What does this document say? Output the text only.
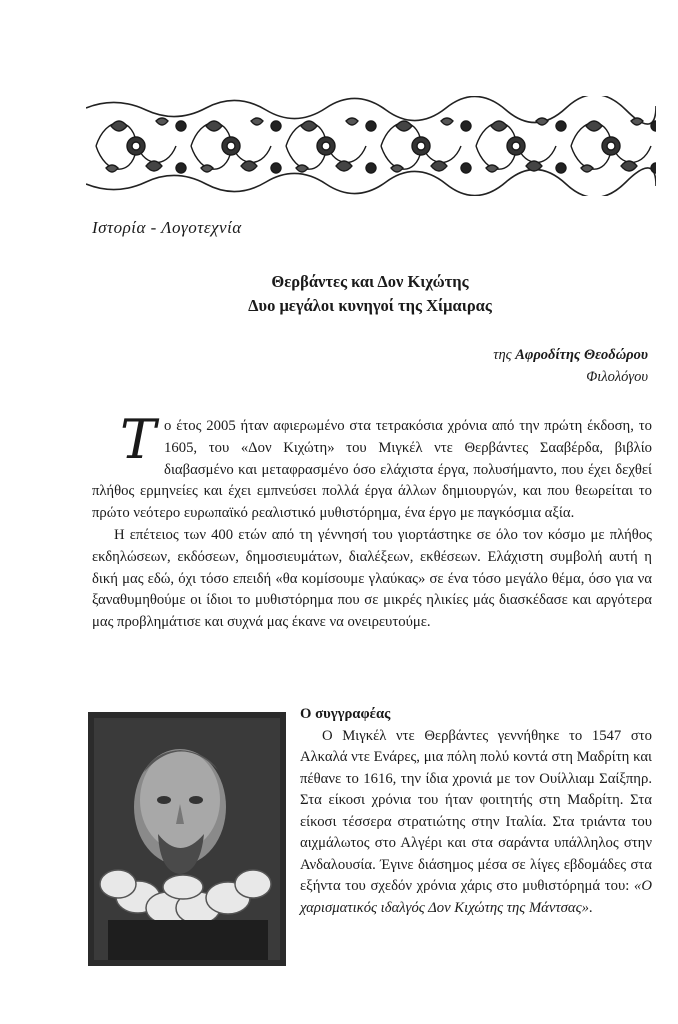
Ιστορία - Λογοτεχνία
Θερβάντες και Δον Κιχώτης
Δυο μεγάλοι κυνηγοί της Χίμαιρας
της Αφροδίτης Θεοδώρου
Φιλολόγου

Το έτος 2005 ήταν αφιερωμένο στα τετρακόσια χρόνια από την πρώτη έκδοση, το 1605, του «Δον Κιχώτη» του Μιγκέλ ντε Θερβάντες Σααβέρδα, βιβλίο διαβασμένο και μεταφρασμένο όσο ελάχιστα έργα, πολυσήμαντο, που έχει δεχθεί πλήθος ερμηνείες και έχει εμπνεύσει πολλά έργα άλλων δημιουργών, και που θεωρείται το πρώτο νεότερο ευρωπαϊκό ρεαλιστικό μυθιστόρημα, ένα έργο με παγκόσμια αξία.

Η επέτειος των 400 ετών από τη γέννησή του γιορτάστηκε σε όλο τον κόσμο με πλήθος εκδηλώσεων, εκδόσεων, δημοσιευμάτων, διαλέξεων, εκθέσεων. Ελάχιστη συμβολή αυτή η δική μας εδώ, όχι τόσο επειδή «θα κομίσουμε γλαύκας» σε ένα τόσο μεγάλο θέμα, όσο για να ξαναθυμηθούμε οι ίδιοι το μυθιστόρημα που σε μικρές ηλικίες μάς διασκέδασε και αργότερα μας προβλημάτισε και συχνά μας έκανε να ονειρευτούμε.

Ο συγγραφέας

Ο Μιγκέλ ντε Θερβάντες γεννήθηκε το 1547 στο Αλκαλά ντε Ενάρες, μια πόλη πολύ κοντά στη Μαδρίτη και πέθανε το 1616, την ίδια χρονιά με τον Ουίλλιαμ Σαίξπηρ. Στα είκοσι χρόνια του ήταν φοιτητής στη Μαδρίτη. Στα είκοσι τέσσερα στρατιώτης στην Ιταλία. Στα τριάντα του αιχμάλωτος στο Αλγέρι και στα σαράντα υπάλληλος στην Ανδαλουσία. Έγινε διάσημος μέσα σε λίγες εβδομάδες στα εξήντα του σχεδόν χρόνια χάρις στο μυθιστόρημά του: «Ο χαρισματικός ιδαλγός Δον Κιχώτης της Μάντσας».
